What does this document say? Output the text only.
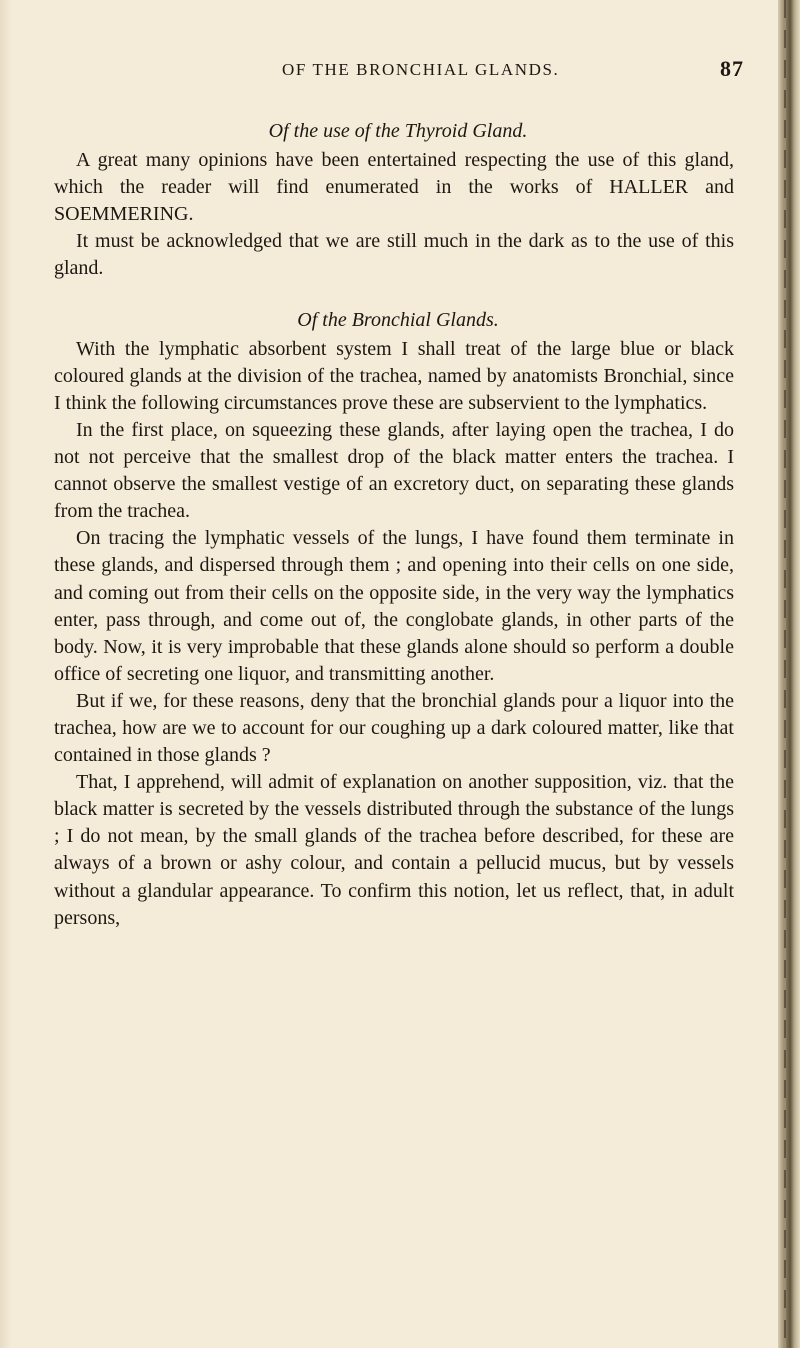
OF THE BRONCHIAL GLANDS.	87

Of the use of the Thyroid Gland.

A great many opinions have been entertained respecting the use of this gland, which the reader will find enumerated in the works of HALLER and SOEMMERING.

It must be acknowledged that we are still much in the dark as to the use of this gland.

Of the Bronchial Glands.

With the lymphatic absorbent system I shall treat of the large blue or black coloured glands at the division of the trachea, named by anatomists Bronchial, since I think the following circumstances prove these are subservient to the lymphatics.

In the first place, on squeezing these glands, after laying open the trachea, I do not not perceive that the smallest drop of the black matter enters the trachea. I cannot observe the smallest vestige of an excretory duct, on separating these glands from the trachea.

On tracing the lymphatic vessels of the lungs, I have found them terminate in these glands, and dispersed through them ; and opening into their cells on one side, and coming out from their cells on the opposite side, in the very way the lymphatics enter, pass through, and come out of, the conglobate glands, in other parts of the body. Now, it is very improbable that these glands alone should so perform a double office of secreting one liquor, and transmitting another.

But if we, for these reasons, deny that the bronchial glands pour a liquor into the trachea, how are we to account for our coughing up a dark coloured matter, like that contained in those glands ?

That, I apprehend, will admit of explanation on another supposition, viz. that the black matter is secreted by the vessels distributed through the substance of the lungs ; I do not mean, by the small glands of the trachea before described, for these are always of a brown or ashy colour, and contain a pellucid mucus, but by vessels without a glandular appearance. To confirm this notion, let us reflect, that, in adult persons,
